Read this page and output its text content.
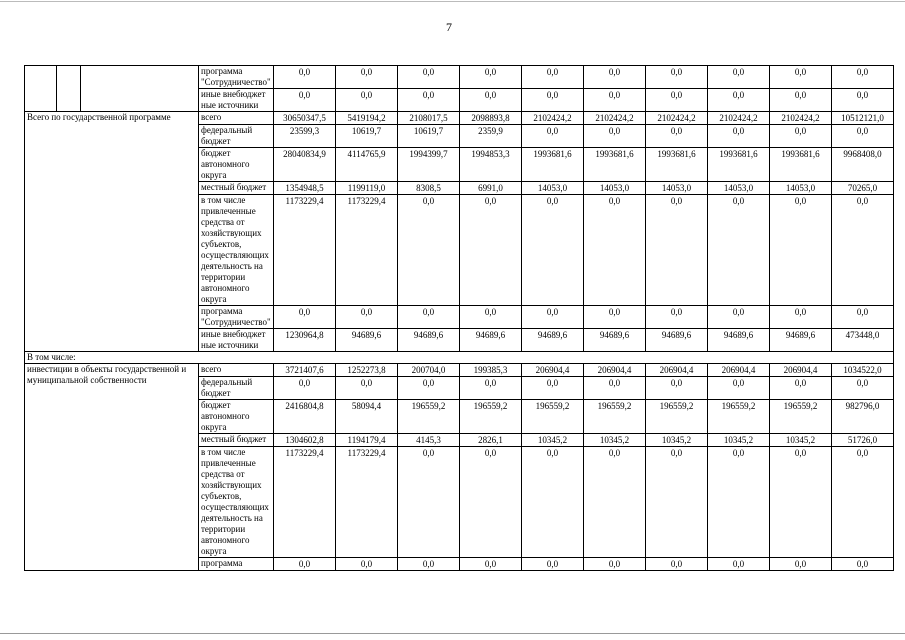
7
			программа "Сотрудничество"	0,0	0,0	0,0	0,0	0,0	0,0	0,0	0,0	0,0	0,0
			иные внебюджет ные источники	0,0	0,0	0,0	0,0	0,0	0,0	0,0	0,0	0,0	0,0
Всего по государственной программе			всего	30650347,5	5419194,2	2108017,5	2098893,8	2102424,2	2102424,2	2102424,2	2102424,2	2102424,2	10512121,0
			федеральный бюджет	23599,3	10619,7	10619,7	2359,9	0,0	0,0	0,0	0,0	0,0	0,0
			бюджет автономного округа	28040834,9	4114765,9	1994399,7	1994853,3	1993681,6	1993681,6	1993681,6	1993681,6	1993681,6	9968408,0
			местный бюджет	1354948,5	1199119,0	8308,5	6991,0	14053,0	14053,0	14053,0	14053,0	14053,0	70265,0
			в том числе привлеченные средства от хозяйствующих субъектов, осуществляющих деятельность на территории автономного округа	1173229,4	1173229,4	0,0	0,0	0,0	0,0	0,0	0,0	0,0	0,0
			программа "Сотрудничество"	0,0	0,0	0,0	0,0	0,0	0,0	0,0	0,0	0,0	0,0
			иные внебюджет ные источники	1230964,8	94689,6	94689,6	94689,6	94689,6	94689,6	94689,6	94689,6	94689,6	473448,0
В том числе:													
инвестиции в объекты государственной и муниципальной собственности			всего	3721407,6	1252273,8	200704,0	199385,3	206904,4	206904,4	206904,4	206904,4	206904,4	1034522,0
			федеральный бюджет	0,0	0,0	0,0	0,0	0,0	0,0	0,0	0,0	0,0	0,0
			бюджет автономного округа	2416804,8	58094,4	196559,2	196559,2	196559,2	196559,2	196559,2	196559,2	196559,2	982796,0
			местный бюджет	1304602,8	1194179,4	4145,3	2826,1	10345,2	10345,2	10345,2	10345,2	10345,2	51726,0
			в том числе привлеченные средства от хозяйствующих субъектов, осуществляющих деятельность на территории автономного округа	1173229,4	1173229,4	0,0	0,0	0,0	0,0	0,0	0,0	0,0	0,0
			программа	0,0	0,0	0,0	0,0	0,0	0,0	0,0	0,0	0,0	0,0
